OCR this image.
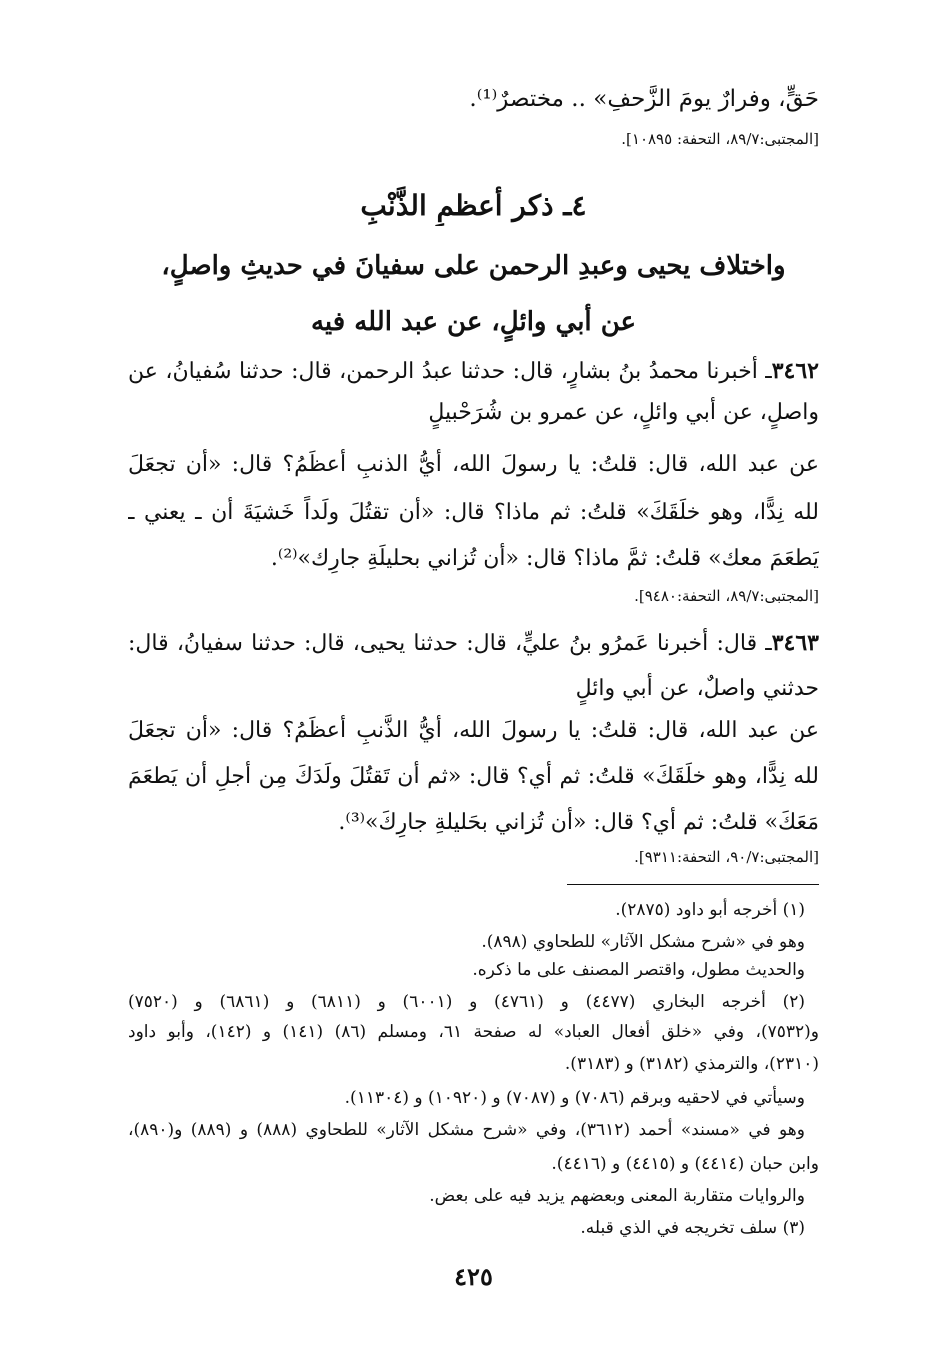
حَقٍّ، وفرارٌ يومَ الزَّحفِ» .. مختصرٌ⁽¹⁾.
[المجتبى:٨٩/٧، التحفة: ١٠٨٩٥].
٤ـ ذكر أعظمِ الذَّنْبِ
واختلاف يحيى وعبدِ الرحمن على سفيانَ في حديثِ واصلٍ،
عن أبي وائلٍ، عن عبد الله فيه
٣٤٦٢ـ أخبرنا محمدُ بنُ بشارٍ، قال: حدثنا عبدُ الرحمن، قال: حدثنا سُفيانُ، عن
واصلٍ، عن أبي وائلٍ، عن عمرو بن شُرَحْبيلٍ
عن عبد الله، قال: قلتُ: يا رسولَ الله، أيُّ الذنبِ أعظَمُ؟ قال: «أن تجعَلَ
لله نِدًّا، وهو خلَقَكَ» قلتُ: ثم ماذا؟ قال: «أن تقتُلَ ولَداً خَشيَةَ أن ـ يعني ـ
يَطعَمَ معك» قلتُ: ثمَّ ماذا؟ قال: «أن تُزاني بحليلَةِ جارِك»⁽²⁾.
[المجتبى:٨٩/٧، التحفة:٩٤٨٠].
٣٤٦٣ـ قال: أخبرنا عَمرُو بنُ عليٍّ، قال: حدثنا يحيى، قال: حدثنا سفيانُ، قال:
حدثني واصلٌ، عن أبي وائلٍ
عن عبد الله، قال: قلتُ: يا رسولَ الله، أيُّ الذَّنبِ أعظَمُ؟ قال: «أن تجعَلَ
لله نِدًّا، وهو خلَقَكَ» قلتُ: ثم أي؟ قال: «ثم أن تَقتُلَ ولَدَكَ مِن أجلِ أن يَطعَمَ
مَعَكَ» قلتُ: ثم أي؟ قال: «أن تُزاني بحَليلةِ جارِكَ»⁽³⁾.
[المجتبى:٩٠/٧، التحفة:٩٣١١].
(١) أخرجه أبو داود (٢٨٧٥).
وهو في «شرح مشكل الآثار» للطحاوي (٨٩٨).
والحديث مطول، واقتصر المصنف على ما ذكره.
(٢) أخرجه البخاري (٤٤٧٧) و (٤٧٦١) و (٦٠٠١) و (٦٨١١) و (٦٨٦١) و (٧٥٢٠)
و(٧٥٣٢)، وفي «خلق أفعال العباد» له صفحة ٦١، ومسلم (٨٦) (١٤١) و (١٤٢)، وأبو داود
(٢٣١٠)، والترمذي (٣١٨٢) و (٣١٨٣).
وسيأتي في لاحقيه وبرقم (٧٠٨٦) و (٧٠٨٧) و (١٠٩٢٠) و (١١٣٠٤).
وهو في «مسند» أحمد (٣٦١٢)، وفي «شرح مشكل الآثار» للطحاوي (٨٨٨) و (٨٨٩) و(٨٩٠)،
وابن حبان (٤٤١٤) و (٤٤١٥) و (٤٤١٦).
والروايات متقاربة المعنى وبعضهم يزيد فيه على بعض.
(٣) سلف تخريجه في الذي قبله.
٤٢٥
